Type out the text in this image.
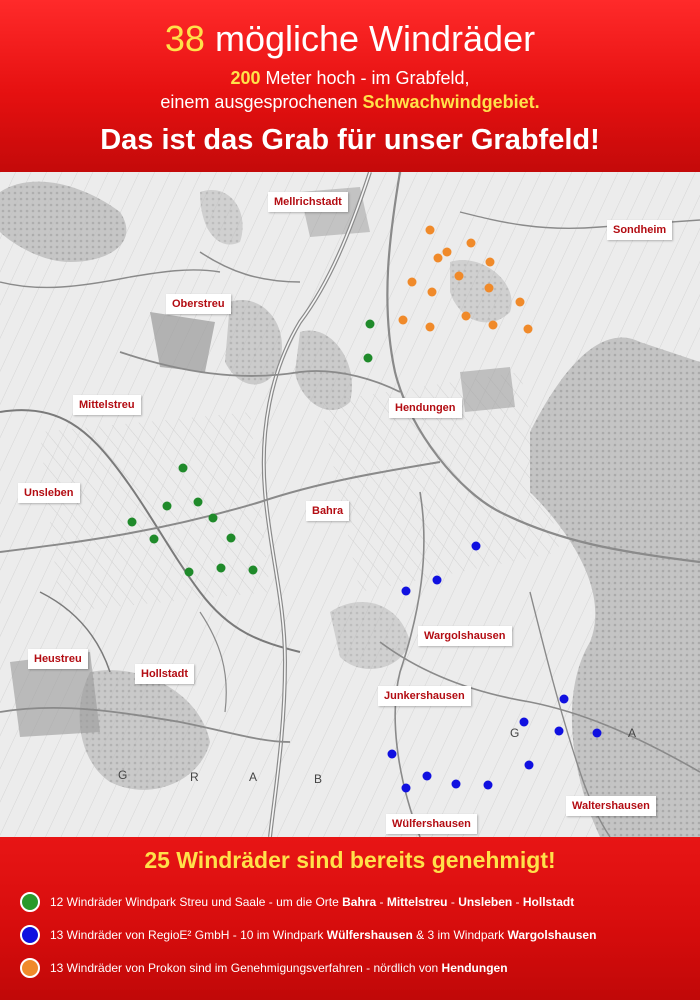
38 mögliche Windräder
200 Meter hoch - im Grabfeld,
einem ausgesprochenen Schwachwindgebiet.
Das ist das Grab für unser Grabfeld!
G	R	A	B
G	A
Mellrichstadt
Sondheim
Oberstreu
Mittelstreu	Hendungen
Unsleben
Bahra
Wargolshausen
Heustreu
Hollstadt
Junkershausen
Waltershausen
Wülfershausen
25 Windräder sind bereits genehmigt!
12 Windräder Windpark Streu und Saale - um die Orte Bahra - Mittelstreu - Unsleben - Hollstadt
13 Windräder von RegioE² GmbH - 10 im Windpark Wülfershausen & 3 im Windpark Wargolshausen
13 Windräder von Prokon sind im Genehmigungsverfahren - nördlich von Hendungen
